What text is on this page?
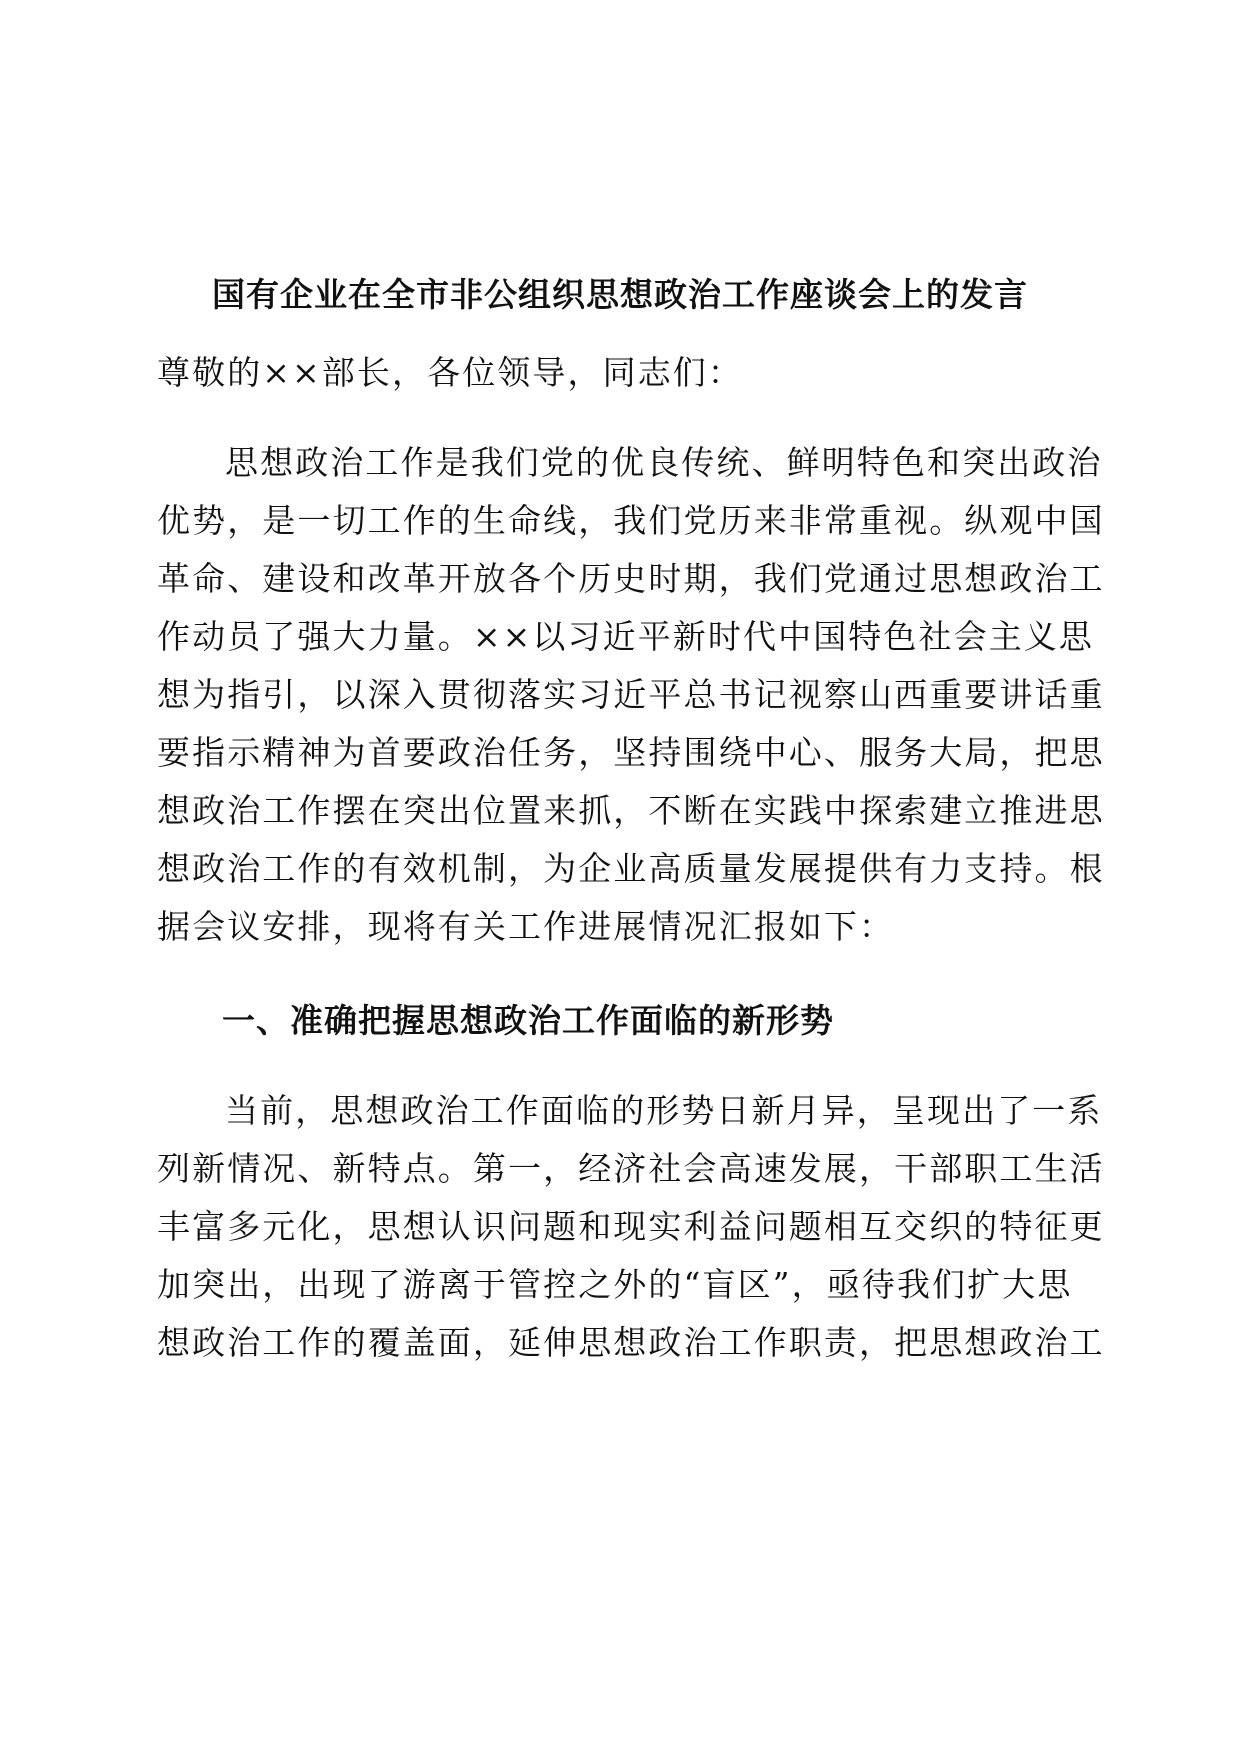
国有企业在全市非公组织思想政治工作座谈会上的发言
尊敬的××部长，各位领导，同志们：
思想政治工作是我们党的优良传统、鲜明特色和突出政治
优势，是一切工作的生命线，我们党历来非常重视。纵观中国
革命、建设和改革开放各个历史时期，我们党通过思想政治工
作动员了强大力量。××以习近平新时代中国特色社会主义思
想为指引，以深入贯彻落实习近平总书记视察山西重要讲话重
要指示精神为首要政治任务，坚持围绕中心、服务大局，把思
想政治工作摆在突出位置来抓，不断在实践中探索建立推进思
想政治工作的有效机制，为企业高质量发展提供有力支持。根
据会议安排，现将有关工作进展情况汇报如下：
一、准确把握思想政治工作面临的新形势
当前，思想政治工作面临的形势日新月异，呈现出了一系
列新情况、新特点。第一，经济社会高速发展，干部职工生活
丰富多元化，思想认识问题和现实利益问题相互交织的特征更
加突出，出现了游离于管控之外的“盲区”，亟待我们扩大思
想政治工作的覆盖面，延伸思想政治工作职责，把思想政治工
